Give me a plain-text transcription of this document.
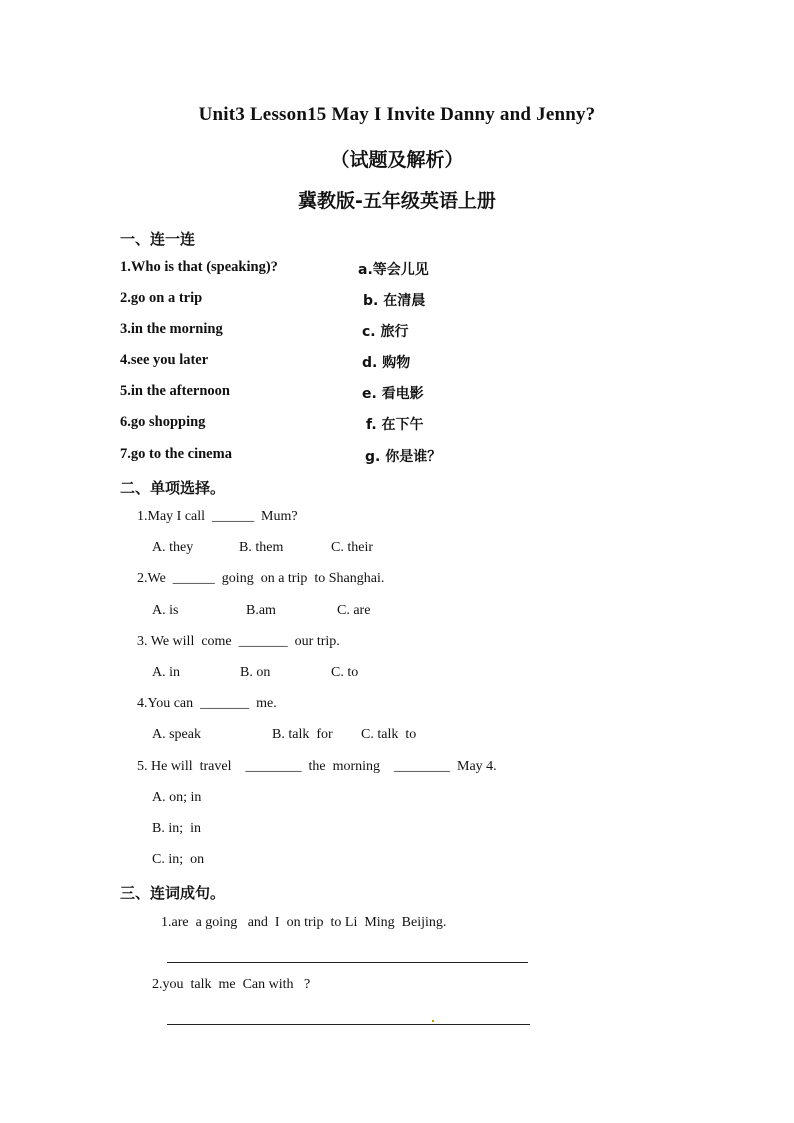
Unit3 Lesson15 May I Invite Danny and Jenny?
（试题及解析）
冀教版-五年级英语上册
一、连一连
1.Who is that (speaking)?	a.等会儿见
2.go on a trip	b. 在清晨
3.in the morning	c. 旅行
4.see you later	d. 购物
5.in the afternoon	e. 看电影
6.go shopping	f. 在下午
7.go to the cinema	g. 你是谁？
二、单项选择。
1.May I call  ______  Mum?
A. they	B. them	C. their
2.We  ______  going  on a trip  to Shanghai.
A. is	B.am	C. are
3. We will  come  _______  our trip.
A. in	B. on	C. to
4.You can  _______  me.
A. speak	B. talk  for C. talk  to
5. He will  travel    ________  the  morning    ________  May 4.
A. on; in
B. in;  in
C. in;  on
三、连词成句。
1.are  a going   and  I  on trip  to Li  Ming  Beijing.
2.you  talk  me  Can with   ?
